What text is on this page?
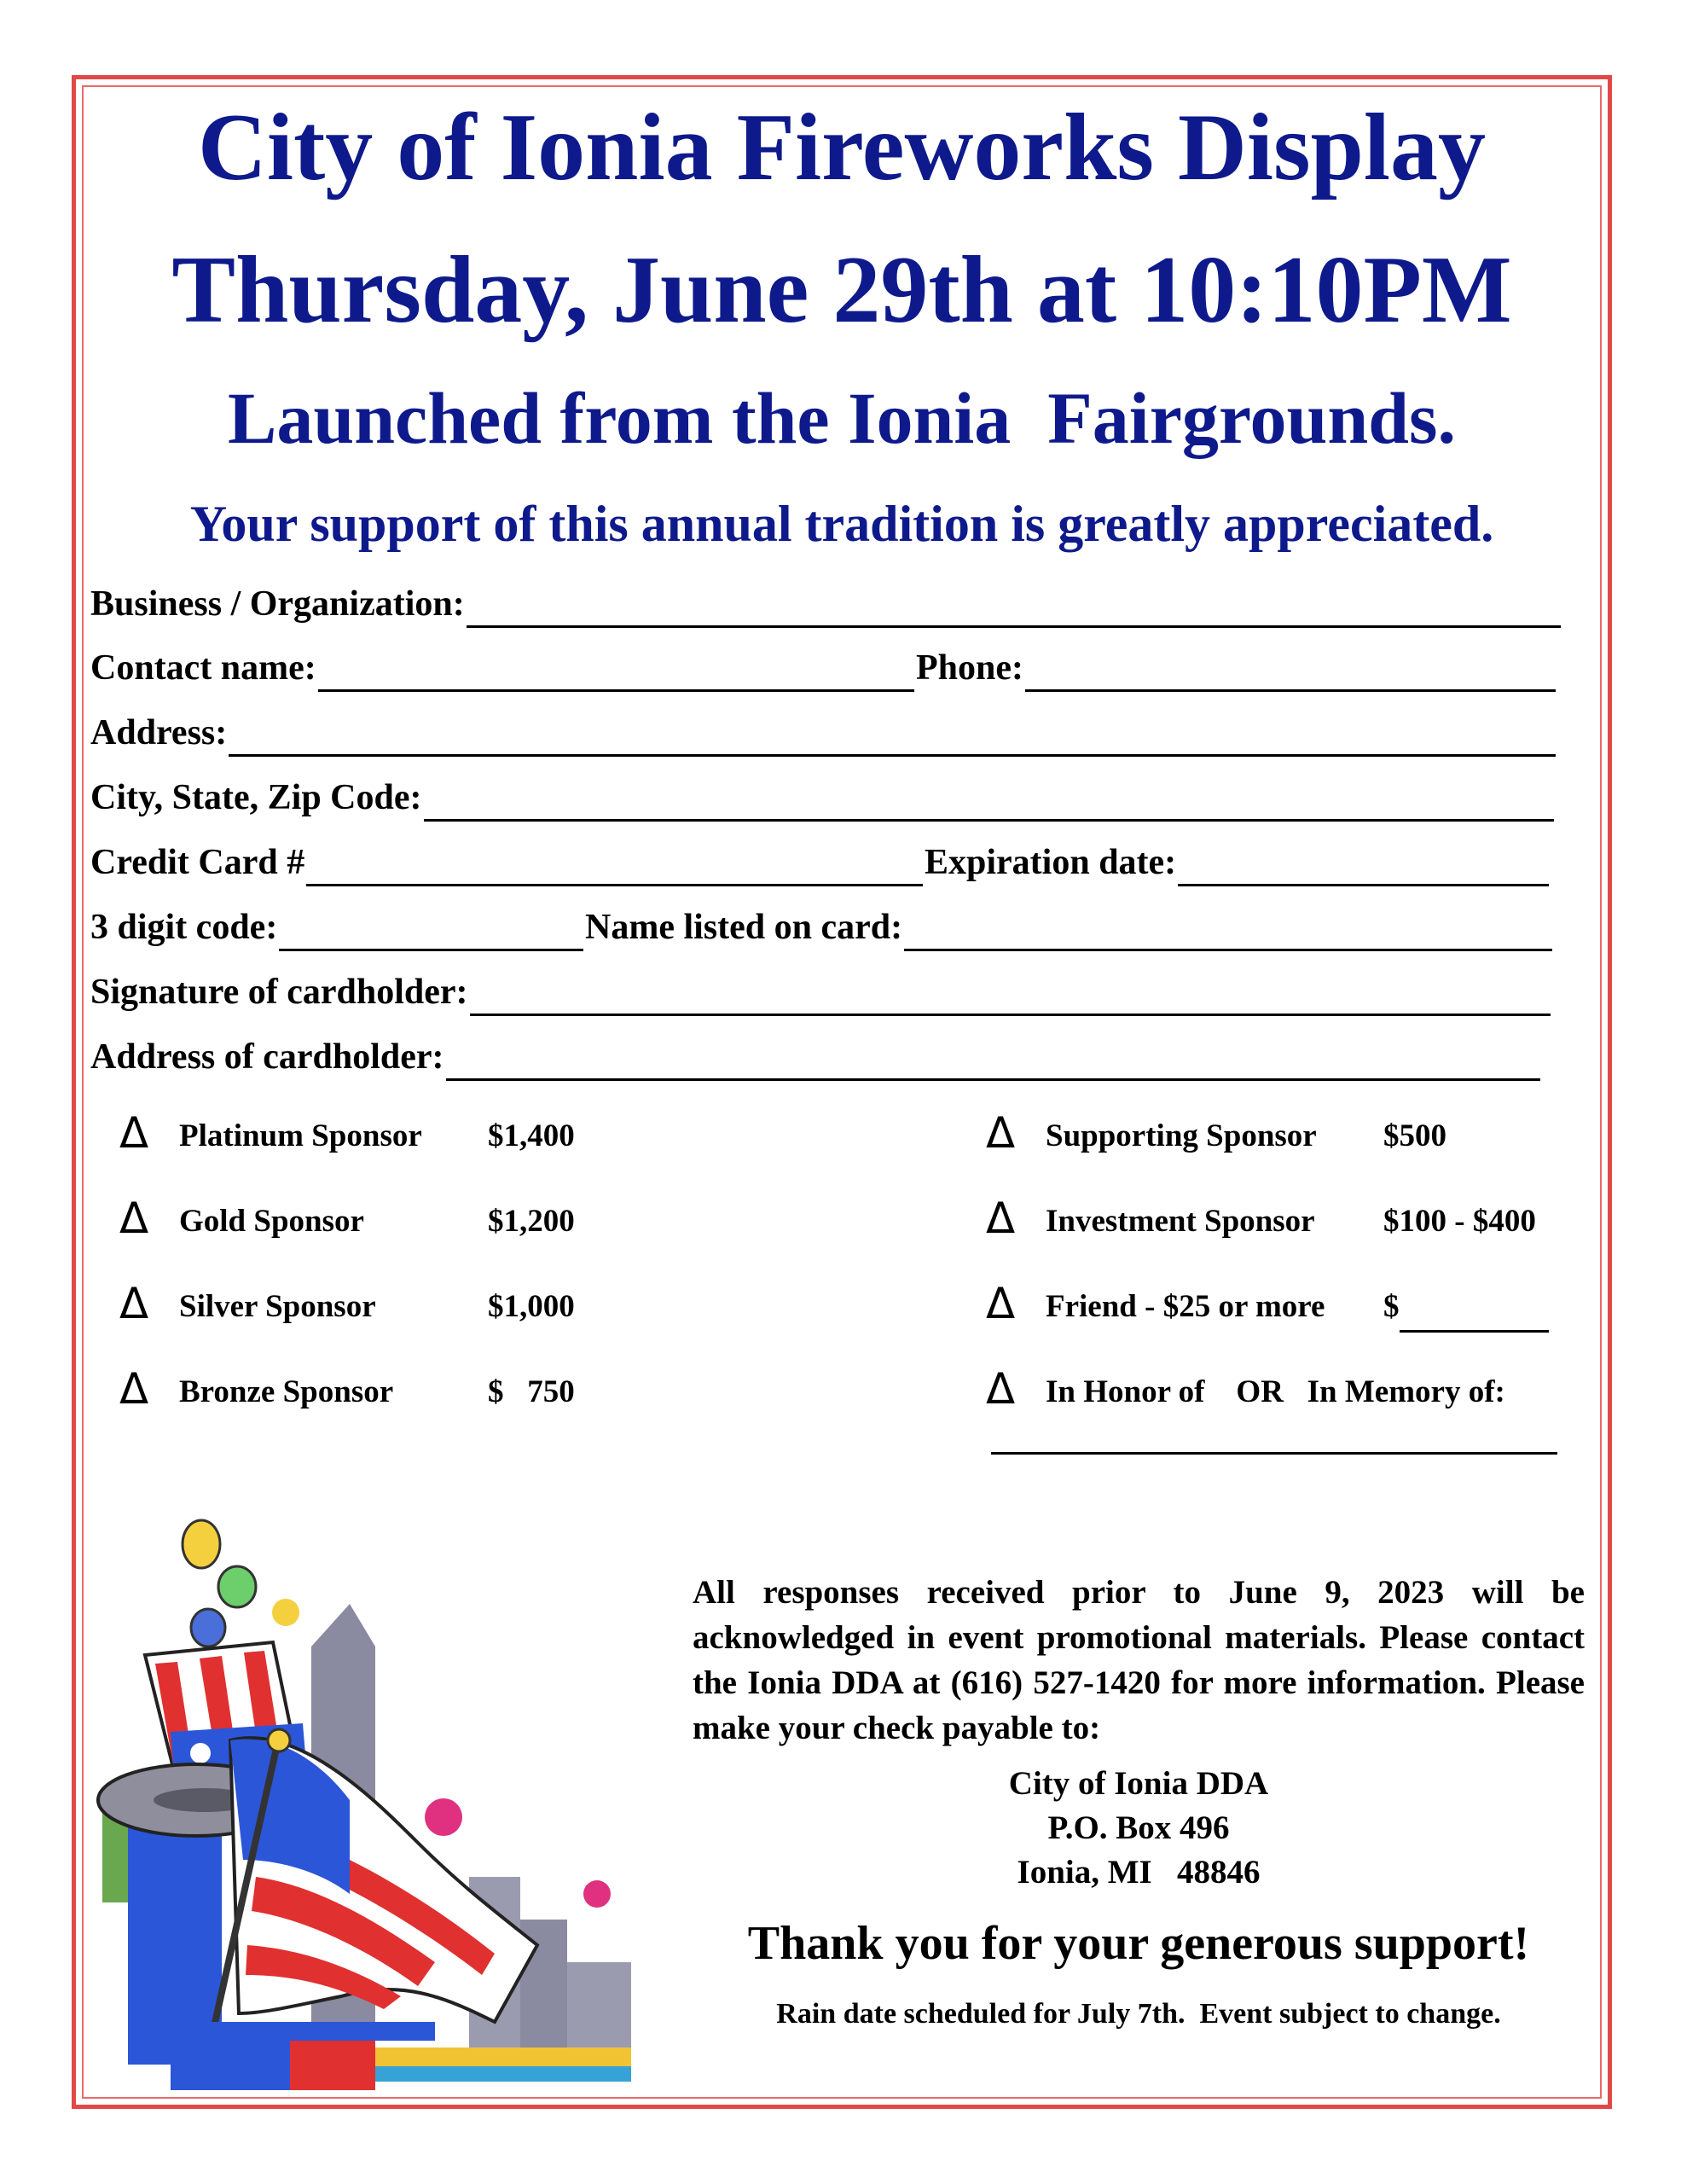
City of Ionia Fireworks Display
Thursday, June 29th at 10:10PM
Launched from the Ionia  Fairgrounds.
Your support of this annual tradition is greatly appreciated.
Business / Organization:
Contact name:	Phone:
Address:
City, State, Zip Code:
Credit Card #	Expiration date:
3 digit code:	Name listed on card:
Signature of cardholder:
Address of cardholder:
Δ Platinum Sponsor $1,400
Δ Gold Sponsor	$1,200
Δ Silver Sponsor	$1,000
Δ Bronze Sponsor	$   750
Δ Supporting Sponsor $500
Δ Investment Sponsor $100 - $400
Δ Friend - $25 or more $
Δ In Honor of    OR   In Memory of:

All responses received prior to June 9, 2023 will be acknowledged in event promotional materials. Please contact the Ionia DDA at (616) 527-1420 for more information. Please make your check payable to:

City of Ionia DDA
P.O. Box 496
Ionia, MI   48846
Thank you for your generous support!
Rain date scheduled for July 7th.  Event subject to change.
